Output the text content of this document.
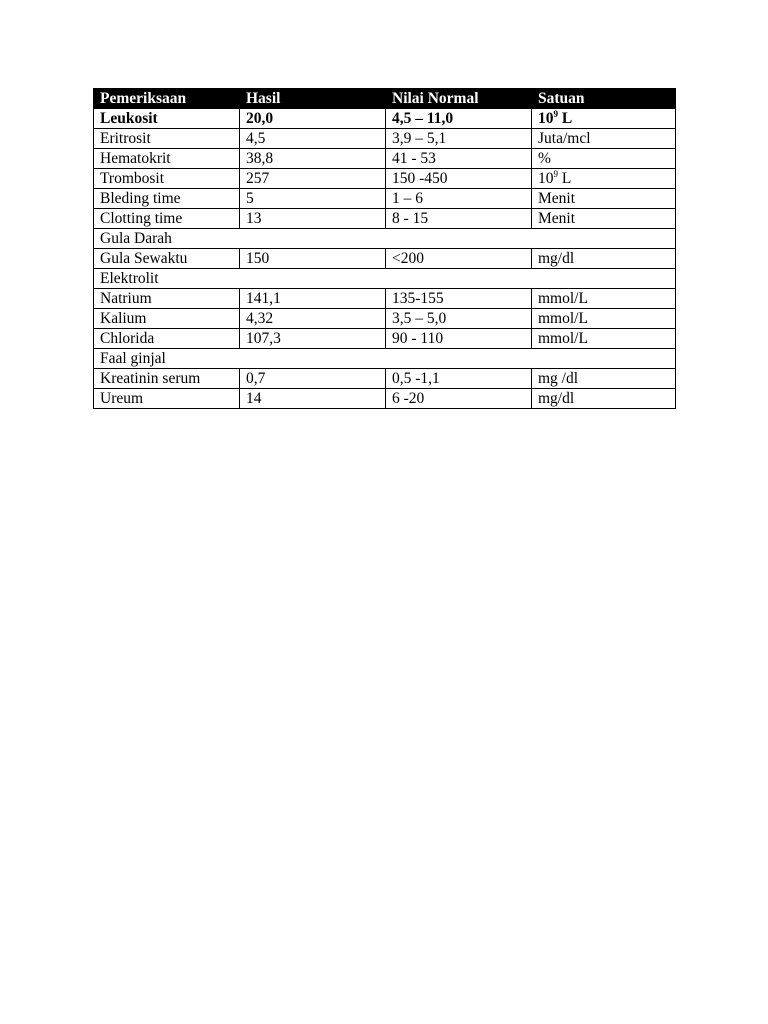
Pemeriksaan	Hasil	Nilai Normal	Satuan
Leukosit	20,0	4,5 – 11,0	$10^9$ L
Eritrosit	4,5	3,9 – 5,1	Juta/mcl
Hematokrit	38,8	41 - 53	%
Trombosit	257	150 -450	$10^9$ L
Bleding time	5	1 – 6	Menit
Clotting time	13	8 - 15	Menit
Gula Darah			
Gula Sewaktu	150	<200	mg/dl
Elektrolit			
Natrium	141,1	135-155	mmol/L
Kalium	4,32	3,5 – 5,0	mmol/L
Chlorida	107,3	90 - 110	mmol/L
Faal ginjal			
Kreatinin serum	0,7	0,5 -1,1	mg /dl
Ureum	14	6 -20	mg/dl
